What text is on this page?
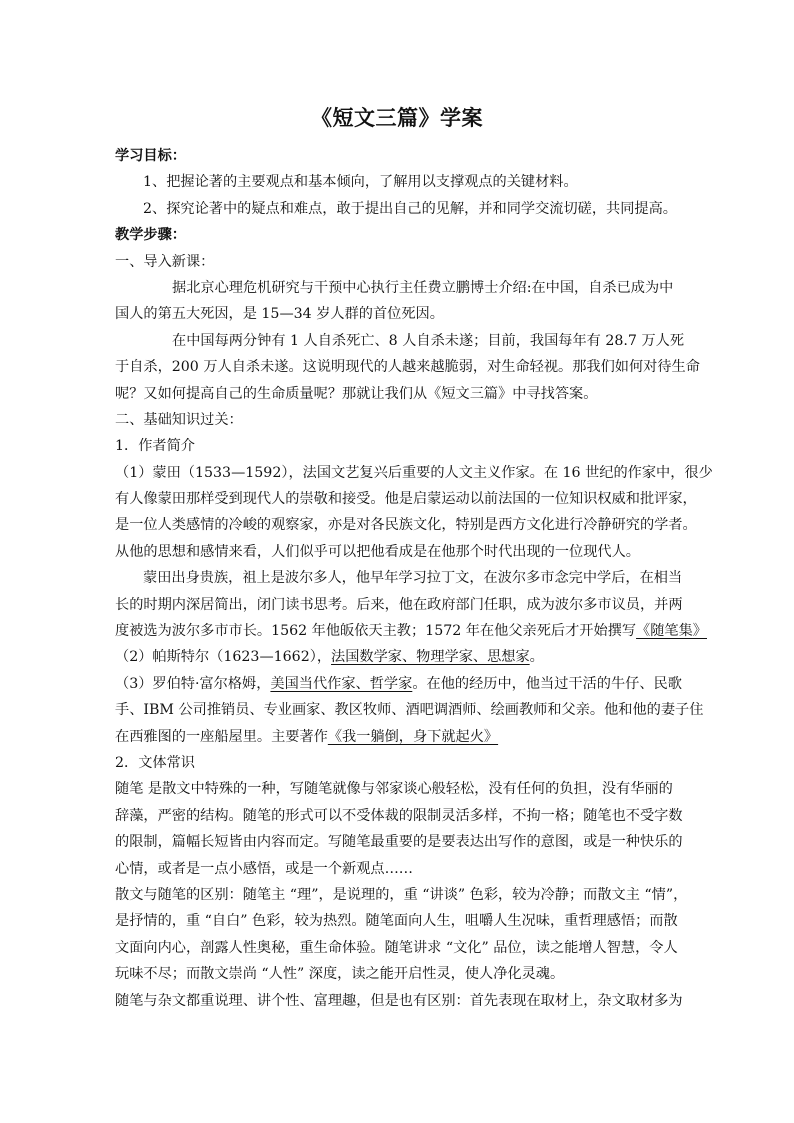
《短文三篇》学案
学习目标：
1、把握论著的主要观点和基本倾向，了解用以支撑观点的关键材料。
2、探究论著中的疑点和难点，敢于提出自己的见解，并和同学交流切磋，共同提高。
教学步骤：
一、导入新课：
据北京心理危机研究与干预中心执行主任费立鹏博士介绍:在中国，自杀已成为中
国人的第五大死因，是 15—34 岁人群的首位死因。
在中国每两分钟有 1 人自杀死亡、8 人自杀未遂；目前，我国每年有 28.7 万人死
于自杀，200 万人自杀未遂。这说明现代的人越来越脆弱，对生命轻视。那我们如何对待生命
呢？又如何提高自己的生命质量呢？那就让我们从《短文三篇》中寻找答案。
二、基础知识过关：
1．作者简介
（1）蒙田（1533—1592），法国文艺复兴后重要的人文主义作家。在 16 世纪的作家中，很少
有人像蒙田那样受到现代人的崇敬和接受。他是启蒙运动以前法国的一位知识权威和批评家，
是一位人类感情的冷峻的观察家，亦是对各民族文化，特别是西方文化进行冷静研究的学者。
从他的思想和感情来看，人们似乎可以把他看成是在他那个时代出现的一位现代人。
蒙田出身贵族，祖上是波尔多人，他早年学习拉丁文，在波尔多市念完中学后，在相当
长的时期内深居简出，闭门读书思考。后来，他在政府部门任职，成为波尔多市议员，并两
度被选为波尔多市市长。1562 年他皈依天主教；1572 年在他父亲死后才开始撰写《随笔集》
（2）帕斯特尔（1623—1662），法国数学家、物理学家、思想家。
（3）罗伯特·富尔格姆，美国当代作家、哲学家。在他的经历中，他当过干活的牛仔、民歌
手、IBM 公司推销员、专业画家、教区牧师、酒吧调酒师、绘画教师和父亲。他和他的妻子住
在西雅图的一座船屋里。主要著作《我一躺倒，身下就起火》
2．文体常识
随笔 是散文中特殊的一种，写随笔就像与邻家谈心般轻松，没有任何的负担，没有华丽的
辞藻，严密的结构。随笔的形式可以不受体裁的限制灵活多样，不拘一格；随笔也不受字数
的限制，篇幅长短皆由内容而定。写随笔最重要的是要表达出写作的意图，或是一种快乐的
心情，或者是一点小感悟，或是一个新观点……
散文与随笔的区别：随笔主 “理”，是说理的，重 “讲谈” 色彩，较为冷静；而散文主 “情”，
是抒情的，重 “自白” 色彩，较为热烈。随笔面向人生，咀嚼人生况味，重哲理感悟；而散
文面向内心，剖露人性奥秘，重生命体验。随笔讲求 “文化” 品位，读之能增人智慧，令人
玩味不尽；而散文崇尚 “人性” 深度，读之能开启性灵，使人净化灵魂。
随笔与杂文都重说理、讲个性、富理趣，但是也有区别：首先表现在取材上，杂文取材多为
